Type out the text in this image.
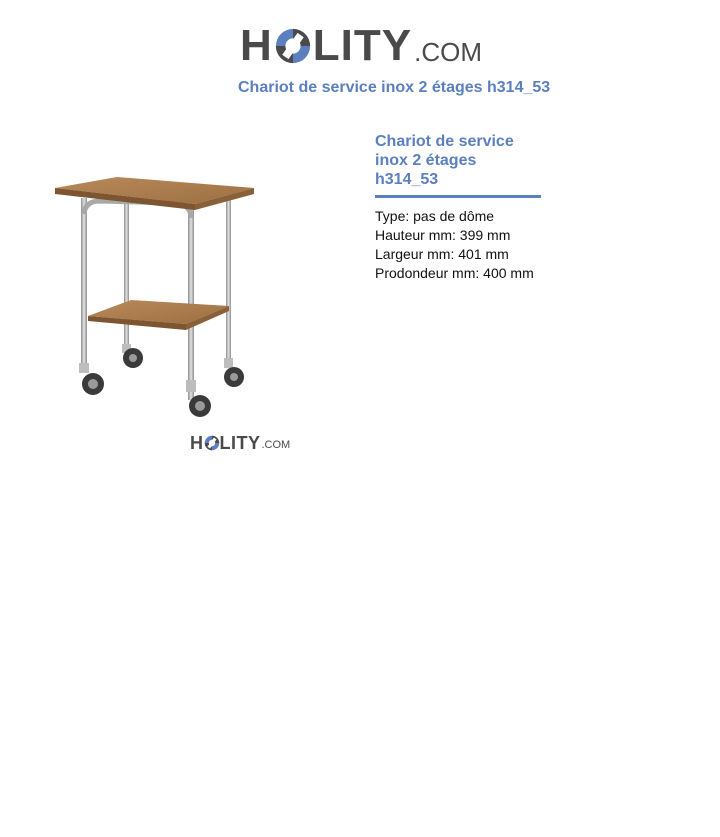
H LITY .COM
Chariot de service inox 2 étages h314_53
H LITY .COM
Chariot de service inox 2 étages h314_53
Type: pas de dôme
Hauteur mm: 399 mm
Largeur mm: 401 mm
Prodondeur mm: 400 mm
